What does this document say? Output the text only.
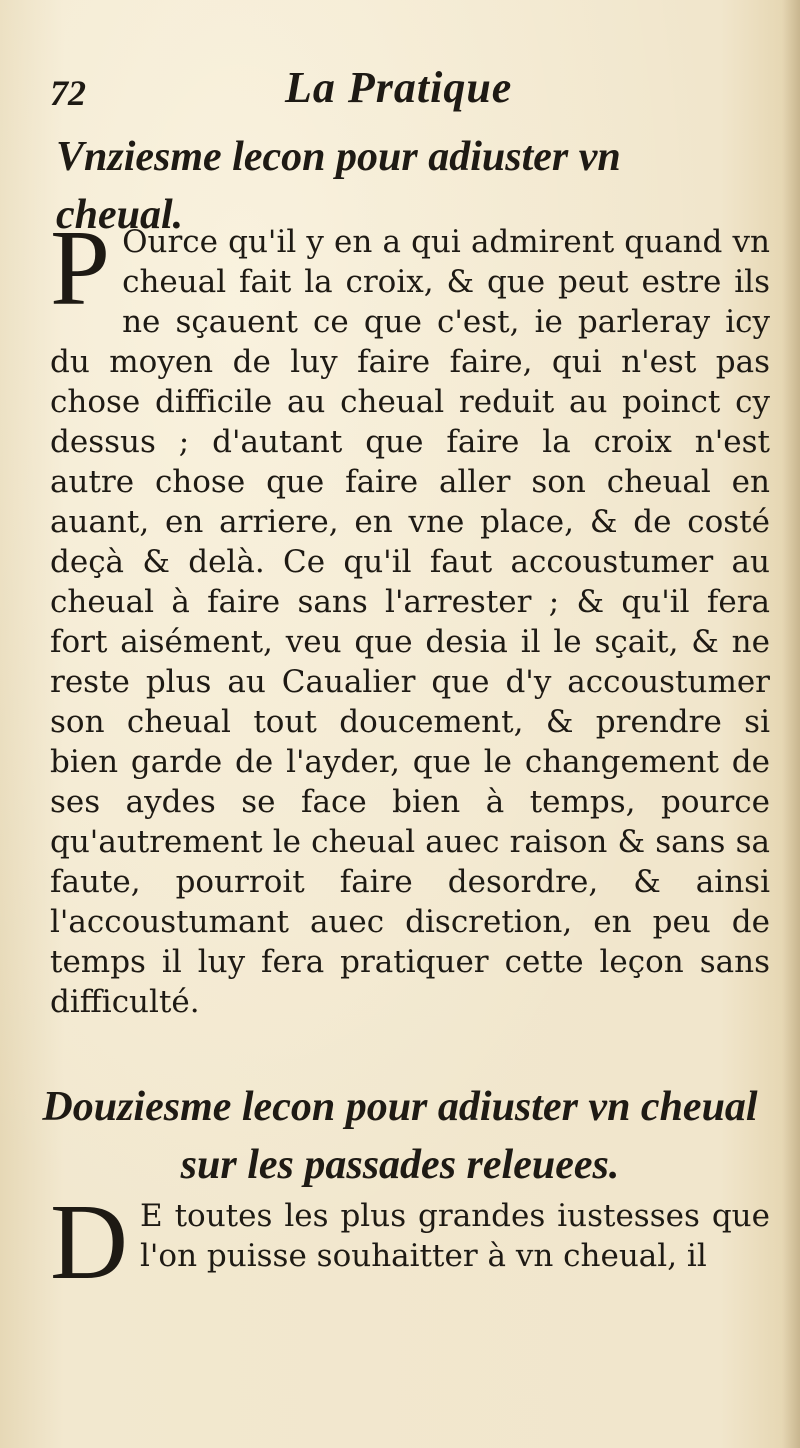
72	La Pratique
Vnziesme lecon pour adiuster vn cheual.
P Ource qu'il y en a qui admirent quand vn cheual fait la croix, & que peut estre ils ne sçauent ce que c'est, ie parleray icy du moyen de luy faire faire, qui n'est pas chose difficile au cheual reduit au poinct cy dessus ; d'autant que faire la croix n'est autre chose que faire aller son cheual en auant, en arriere, en vne place, & de costé deçà & delà. Ce qu'il faut accoustumer au cheual à faire sans l'arrester ; & qu'il fera fort aisément, veu que desia il le sçait, & ne reste plus au Caualier que d'y accoustumer son cheual tout doucement, & prendre si bien garde de l'ayder, que le changement de ses aydes se face bien à temps, pource qu'autrement le cheual auec raison & sans sa faute, pourroit faire desordre, & ainsi l'accoustumant auec discretion, en peu de temps il luy fera pratiquer cette leçon sans difficulté.
Douziesme lecon pour adiuster vn cheual sur les passades releuees.
D E toutes les plus grandes iustesses que l'on puisse souhaitter à vn cheual, il
